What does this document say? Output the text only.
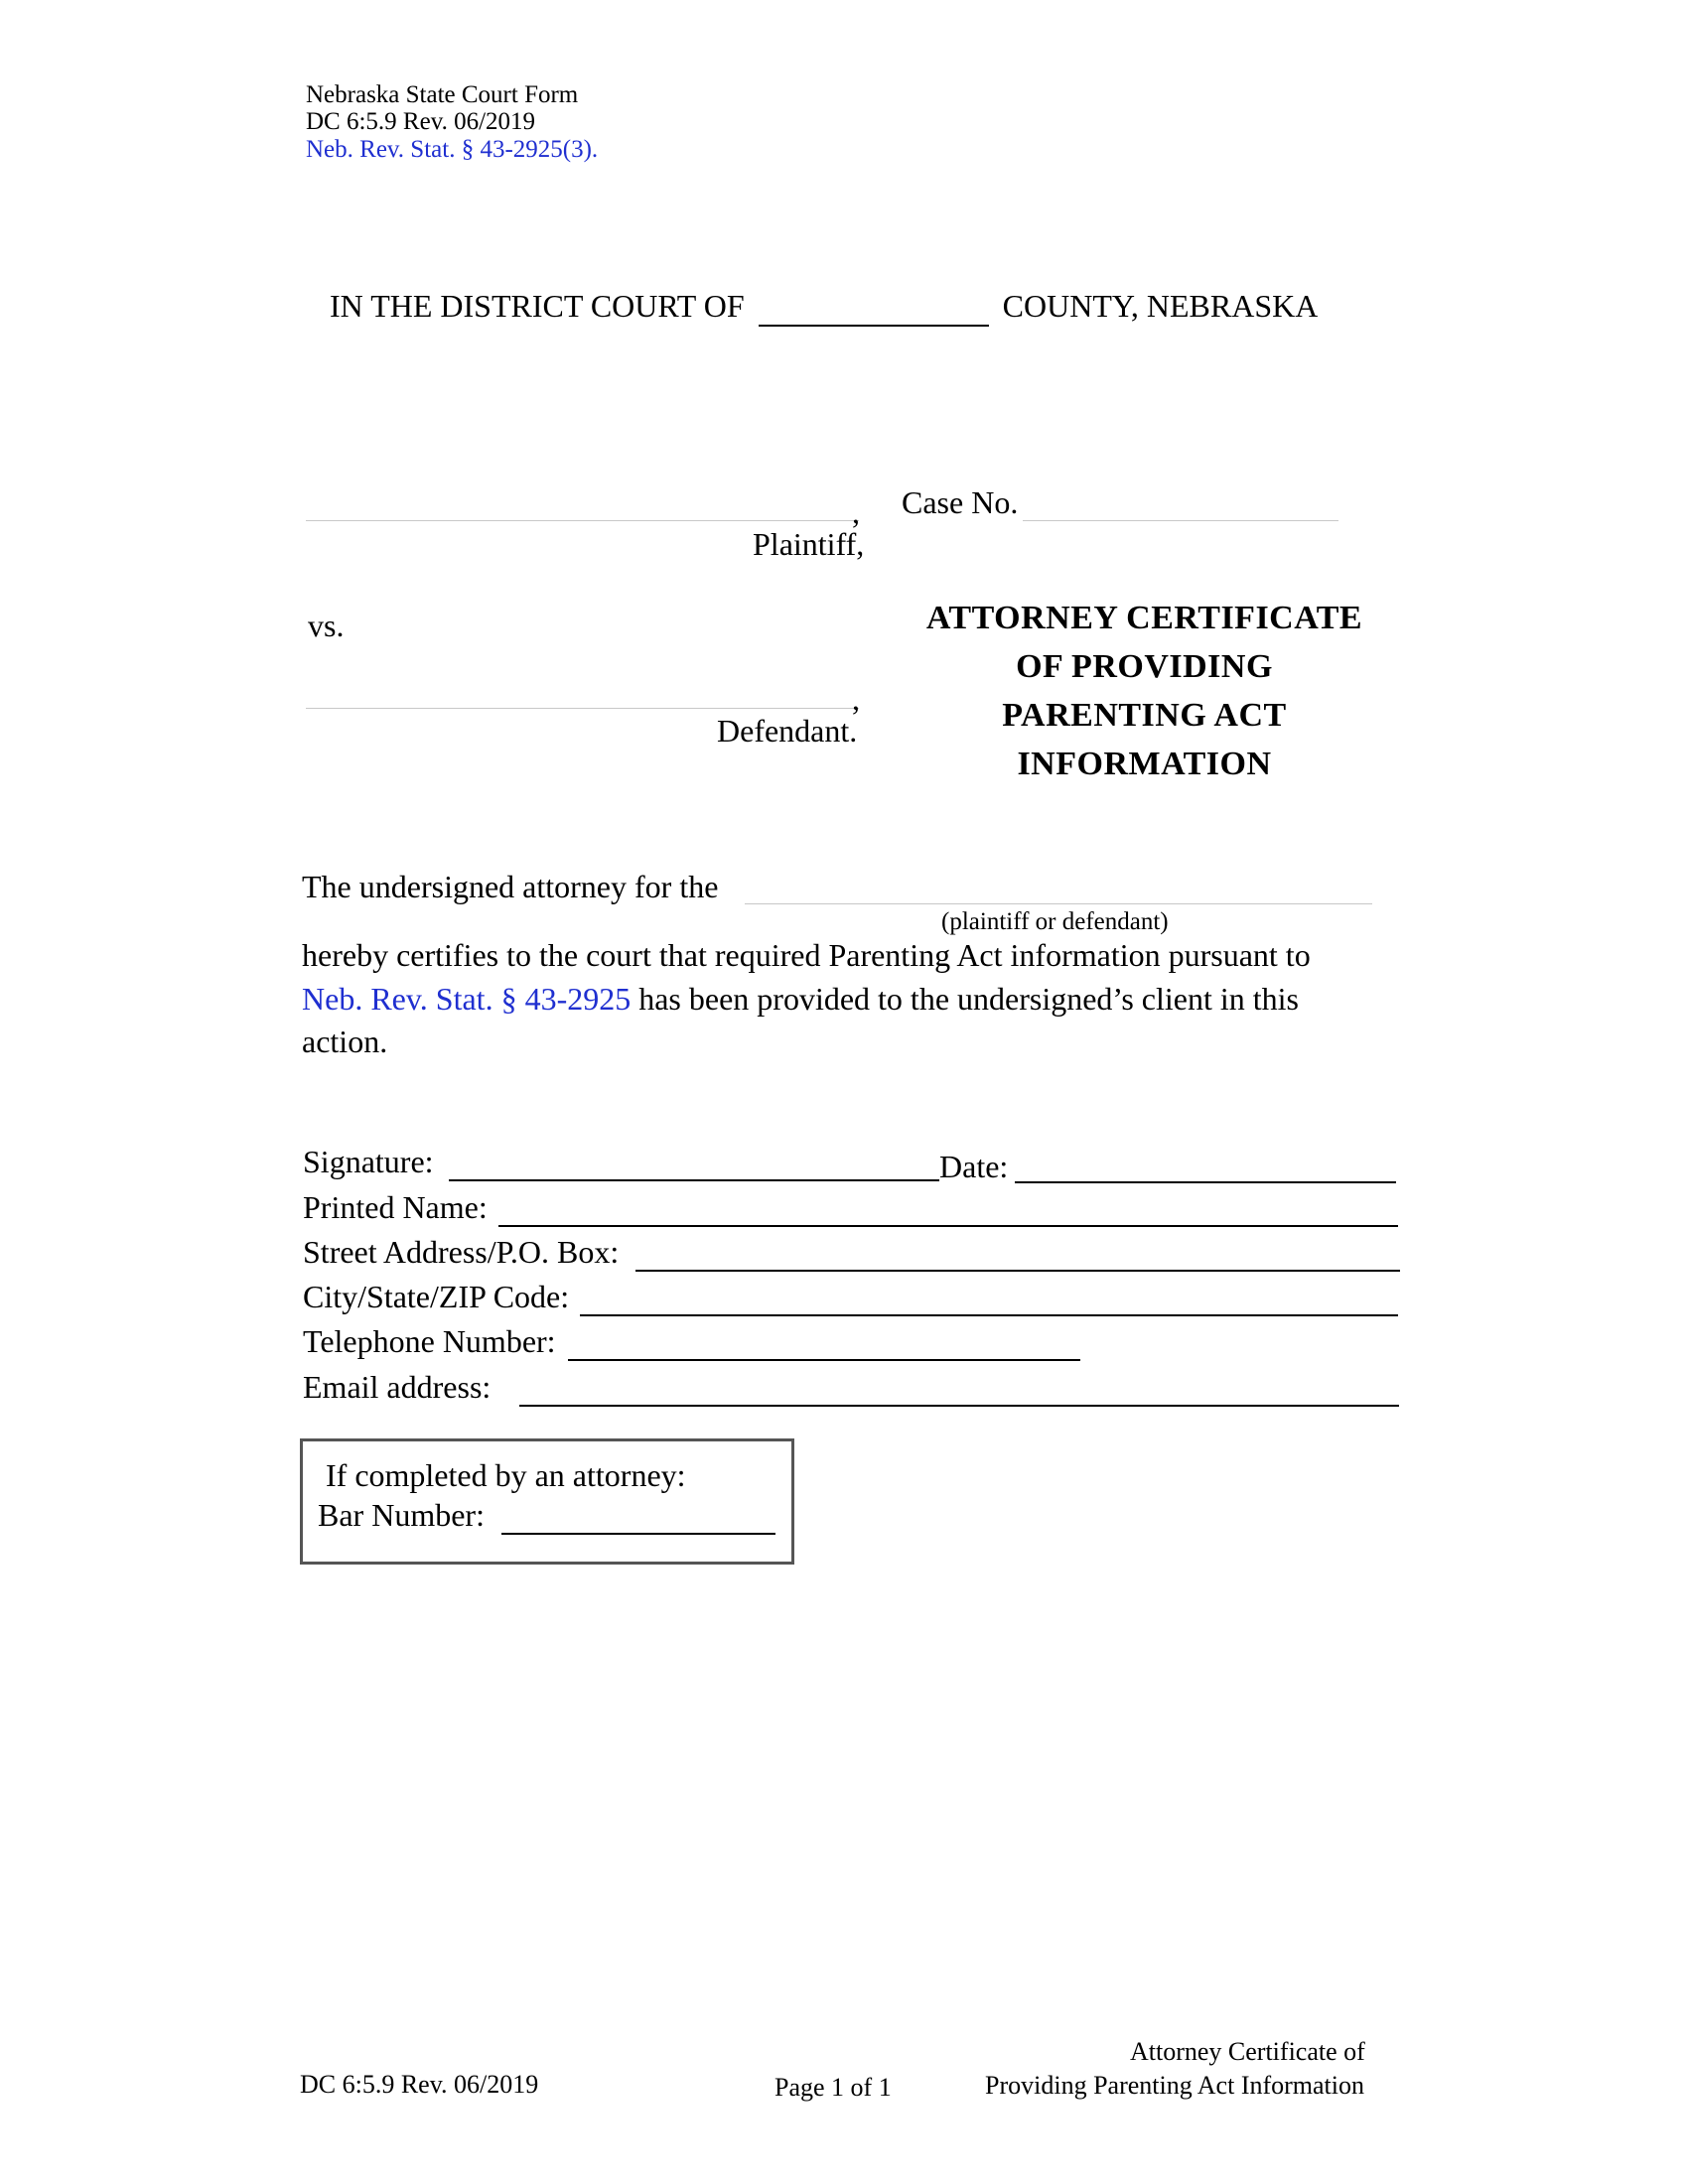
Nebraska State Court Form
DC 6:5.9 Rev. 06/2019
Neb. Rev. Stat. § 43-2925(3).
IN THE DISTRICT COURT OF	COUNTY, NEBRASKA
,
Plaintiff,
Case No.
vs.
,
Defendant.
ATTORNEY CERTIFICATE
OF PROVIDING
PARENTING ACT
INFORMATION
The undersigned attorney for the
(plaintiff or defendant)
hereby certifies to the court that required Parenting Act information pursuant to
Neb. Rev. Stat. § 43-2925 has been provided to the undersigned’s client in this
action.
Signature:	Date:
Printed Name:
Street Address/P.O. Box:
City/State/ZIP Code:
Telephone Number:
Email address:
If completed by an attorney:
Bar Number:
DC 6:5.9 Rev. 06/2019	Page 1 of 1
Attorney Certificate of
Providing Parenting Act Information
